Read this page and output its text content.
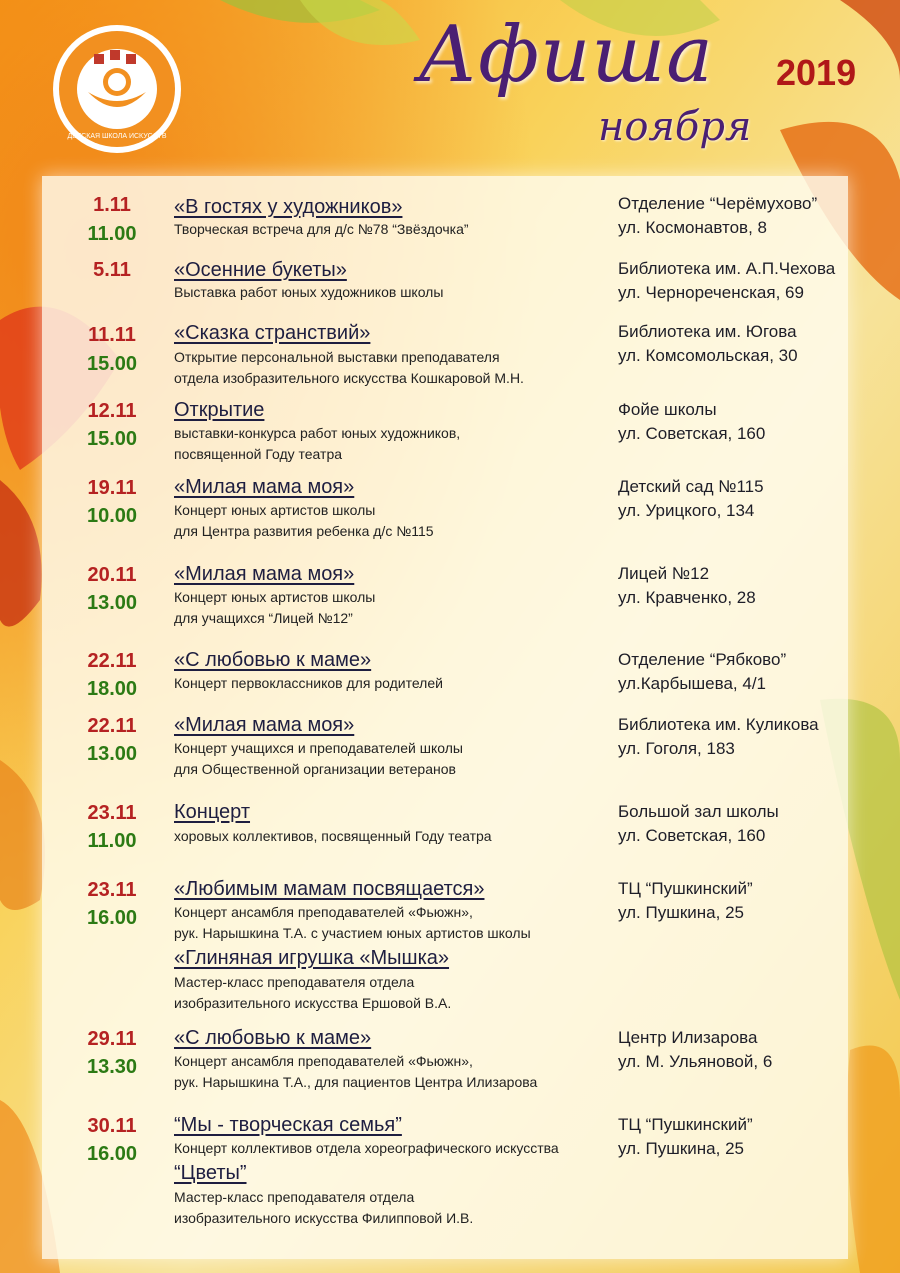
ДЕТСКАЯ ШКОЛА ИСКУССТВ
Афиша
ноября
2019
1.11
11.00
«В гостях у художников»
Творческая встреча для д/с №78 “Звёздочка”
Отделение “Черёмухово”
ул. Космонавтов, 8
5.11	«Осенние букеты»
Выставка работ юных художников школы
Библиотека им. А.П.Чехова
ул. Чернореченская, 69
11.11
15.00
«Сказка странствий»
Открытие персональной выставки преподавателя
отдела изобразительного искусства Кошкаровой М.Н.
Библиотека им. Югова
ул. Комсомольская, 30
12.11
15.00
Открытие
выставки-конкурса работ юных художников,
посвященной Году театра
Фойе школы
ул. Советская, 160
19.11
10.00
«Милая мама моя»
Концерт юных артистов школы
для Центра развития ребенка д/с №115
Детский сад №115
ул. Урицкого, 134
20.11
13.00
«Милая мама моя»
Концерт юных артистов школы
для учащихся “Лицей №12”
Лицей №12
ул. Кравченко, 28
22.11
18.00
«С любовью к маме»
Концерт первоклассников для родителей
Отделение “Рябково”
ул.Карбышева, 4/1
22.11
13.00
«Милая мама моя»
Концерт учащихся и преподавателей школы
для Общественной организации ветеранов
Библиотека им. Куликова
ул. Гоголя, 183
23.11
11.00
Концерт
хоровых коллективов, посвященный Году театра
Большой зал школы
ул. Советская, 160
23.11
16.00
«Любимым мамам посвящается»
Концерт ансамбля преподавателей «Фьюжн»,
рук. Нарышкина Т.А. с участием юных артистов школы
«Глиняная игрушка «Мышка»
Мастер-класс преподавателя отдела
изобразительного искусства Ершовой В.А.
ТЦ “Пушкинский”
ул. Пушкина, 25
29.11
13.30
«С любовью к маме»
Концерт ансамбля преподавателей «Фьюжн»,
рук. Нарышкина Т.А., для пациентов Центра Илизарова
Центр Илизарова
ул. М. Ульяновой, 6
30.11
16.00
“Мы - творческая семья”
Концерт коллективов отдела хореографического искусства
“Цветы”
Мастер-класс преподавателя отдела
изобразительного искусства Филипповой И.В.
ТЦ “Пушкинский”
ул. Пушкина, 25
